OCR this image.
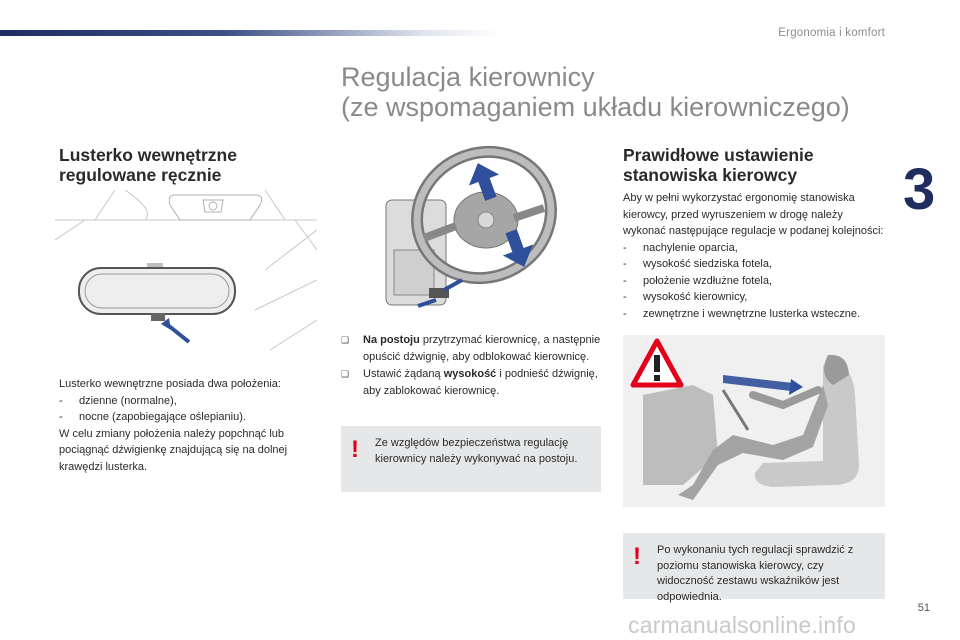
Ergonomia i komfort
3
Regulacja kierownicy
(ze wspomaganiem układu kierowniczego)
Lusterko wewnętrzne
regulowane ręcznie
Lusterko wewnętrzne posiada dwa położenia:
-	dzienne (normalne),
-	nocne (zapobiegające oślepianiu).
W celu zmiany położenia należy popchnąć lub pociągnąć dźwigienkę znajdującą się na dolnej krawędzi lusterka.
❑	Na postoju przytrzymać kierownicę, a następnie opuścić dźwignię, aby odblokować kierownicę.
❑	Ustawić żądaną wysokość i podnieść dźwignię, aby zablokować kierownicę.
! Ze względów bezpieczeństwa regulację kierownicy należy wykonywać na postoju.
Prawidłowe ustawienie
stanowiska kierowcy
Aby w pełni wykorzystać ergonomię stanowiska kierowcy, przed wyruszeniem w drogę należy wykonać następujące regulacje w podanej kolejności:
-	nachylenie oparcia,
-	wysokość siedziska fotela,
-	położenie wzdłużne fotela,
-	wysokość kierownicy,
-	zewnętrzne i wewnętrzne lusterka wsteczne.
! Po wykonaniu tych regulacji sprawdzić z poziomu stanowiska kierowcy, czy widoczność zestawu wskaźników jest odpowiednia.
51
carmanualsonline.info
